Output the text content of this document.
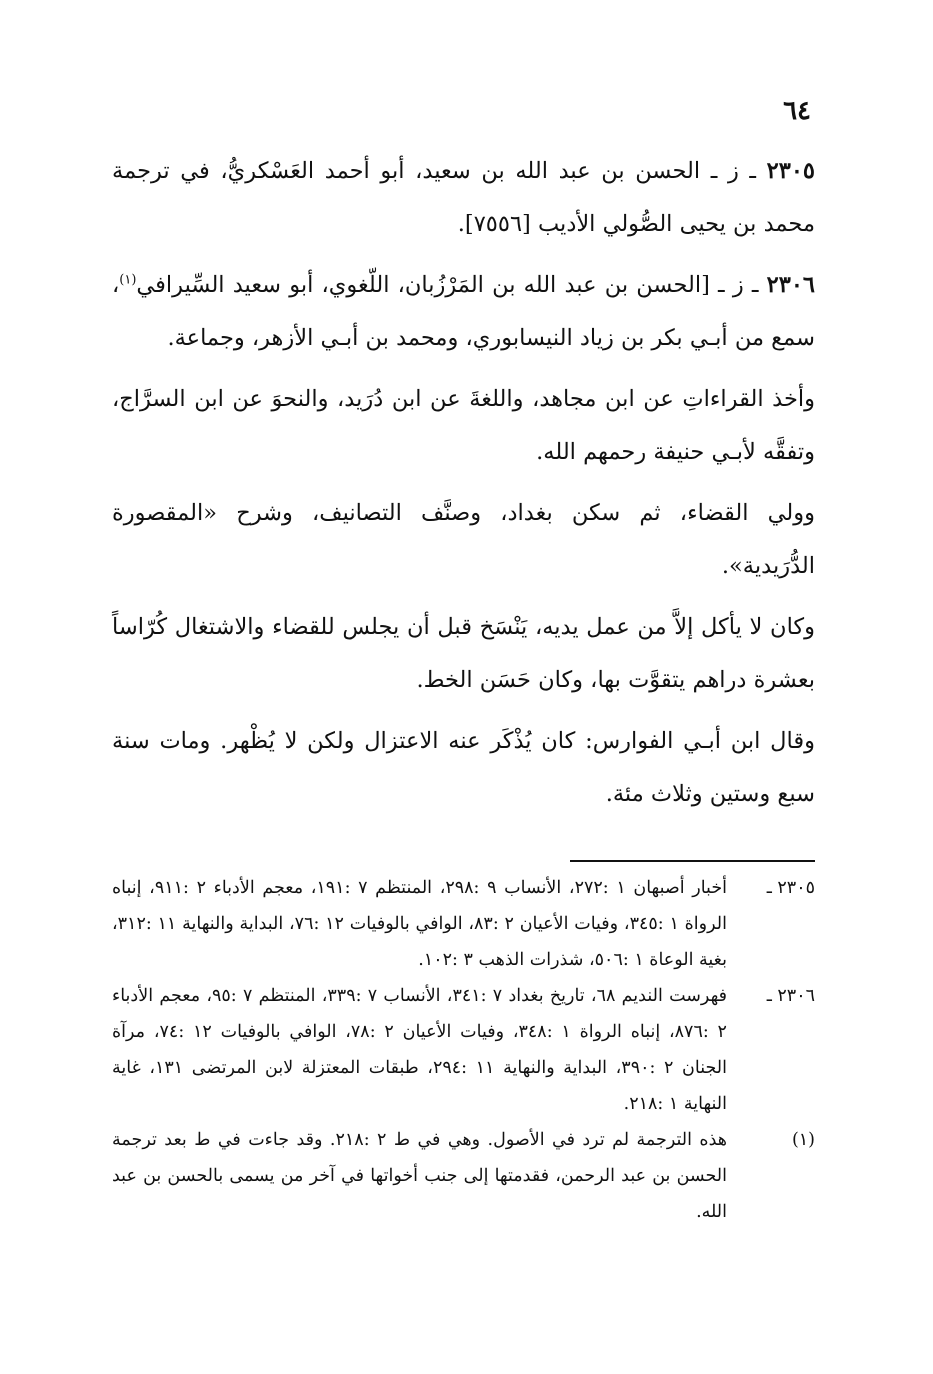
٦٤

٢٣٠٥ ـ ز ـ الحسن بن عبد الله بن سعيد، أبو أحمد العَسْكريُّ، في ترجمة محمد بن يحيى الصُّولي الأديب [٧٥٥٦].

٢٣٠٦ ـ ز ـ [الحسن بن عبد الله بن المَرْزُبان، اللّغوي، أبو سعيد السِّيرافي$^{(١)}$، سمع من أبـي بكر بن زياد النيسابوري، ومحمد بن أبـي الأزهر، وجماعة.

وأخذ القراءاتِ عن ابن مجاهد، واللغةَ عن ابن دُرَيد، والنحوَ عن ابن السرَّاج، وتفقَّه لأبـي حنيفة رحمهم الله.

وولي القضاء، ثم سكن بغداد، وصنَّف التصانيف، وشرح «المقصورة الدُّرَيدية».

وكان لا يأكل إلاَّ من عمل يديه، يَنْسَخ قبل أن يجلس للقضاء والاشتغال كُرّاساً بعشرة دراهم يتقوَّت بها، وكان حَسَن الخط.

وقال ابن أبـي الفوارس: كان يُذْكَر عنه الاعتزال ولكن لا يُظْهر. ومات سنة سبع وستين وثلاث مئة.

٢٣٠٥ ـ
أخبار أصبهان ١ :٢٧٢، الأنساب ٩ :٢٩٨، المنتظم ٧ :١٩١، معجم الأدباء ٢ :٩١١، إنباه الرواة ١ :٣٤٥، وفيات الأعيان ٢ :٨٣، الوافي بالوفيات ١٢ :٧٦، البداية والنهاية ١١ :٣١٢، بغية الوعاة ١ :٥٠٦، شذرات الذهب ٣ :١٠٢.
٢٣٠٦ ـ
فهرست النديم ٦٨، تاريخ بغداد ٧ :٣٤١، الأنساب ٧ :٣٣٩، المنتظم ٧ :٩٥، معجم الأدباء ٢ :٨٧٦، إنباه الرواة ١ :٣٤٨، وفيات الأعيان ٢ :٧٨، الوافي بالوفيات ١٢ :٧٤، مرآة الجنان ٢ :٣٩٠، البداية والنهاية ١١ :٢٩٤، طبقات المعتزلة لابن المرتضى ١٣١، غاية النهاية ١ :٢١٨.
(١)
هذه الترجمة لم ترد في الأصول. وهي في ط ٢ :٢١٨. وقد جاءت في ط بعد ترجمة الحسن بن عبد الرحمن، فقدمتها إلى جنب أخواتها في آخر من يسمى بالحسن بن عبد الله.
